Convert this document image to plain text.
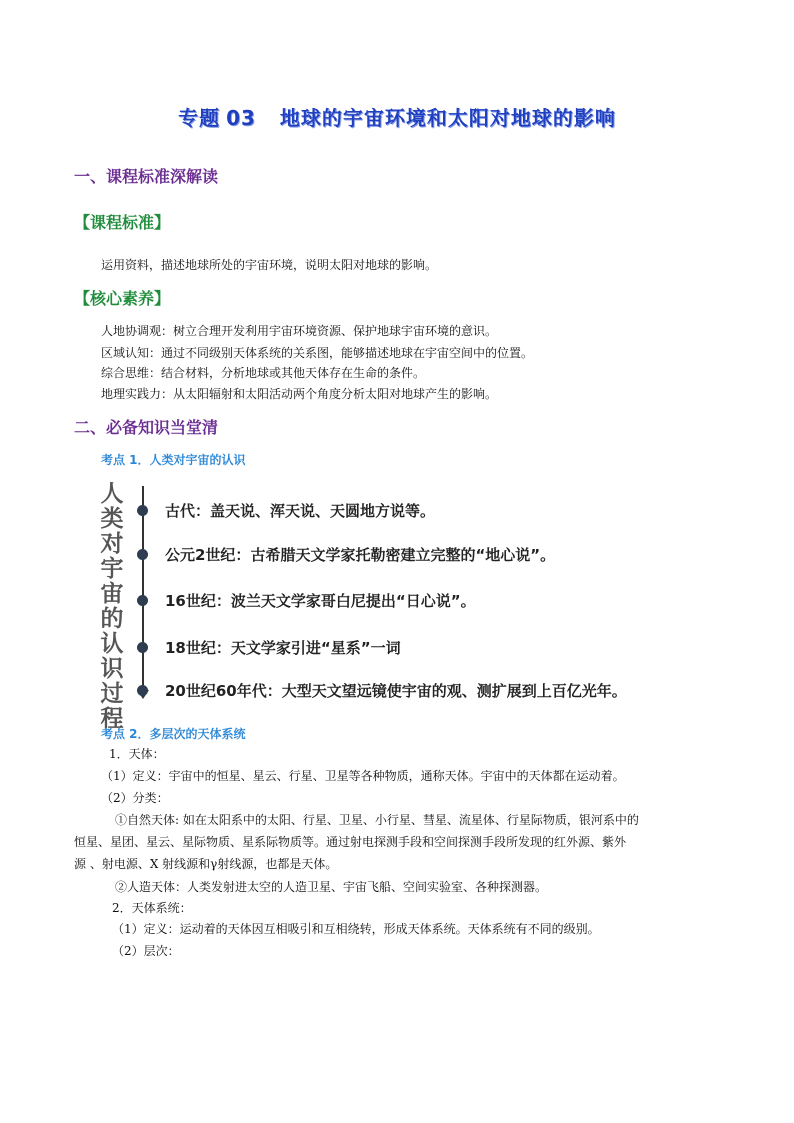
专题 03 地球的宇宙环境和太阳对地球的影响
一、课程标准深解读
【课程标准】
运用资料，描述地球所处的宇宙环境，说明太阳对地球的影响。
【核心素养】
人地协调观：树立合理开发利用宇宙环境资源、保护地球宇宙环境的意识。
区域认知：通过不同级别天体系统的关系图，能够描述地球在宇宙空间中的位置。
综合思维：结合材料，分析地球或其他天体存在生命的条件。
地理实践力：从太阳辐射和太阳活动两个角度分析太阳对地球产生的影响。
二、必备知识当堂清
考点 1．人类对宇宙的认识
人
类
对
宇
宙
的
认
识
过
程
古代：盖天说、浑天说、天圆地方说等。
公元2世纪：古希腊天文学家托勒密建立完整的“地心说”。
16世纪：波兰天文学家哥白尼提出“日心说”。
18世纪：天文学家引进“星系”一词
20世纪60年代：大型天文望远镜使宇宙的观、测扩展到上百亿光年。
考点 2．多层次的天体系统
1．天体：
（1）定义：宇宙中的恒星、星云、行星、卫星等各种物质，通称天体。宇宙中的天体都在运动着。
（2）分类：
①自然天体: 如在太阳系中的太阳、行星、卫星、小行星、彗星、流星体、行星际物质，银河系中的
恒星、星团、星云、星际物质、星系际物质等。通过射电探测手段和空间探测手段所发现的红外源、紫外
源 、射电源、X 射线源和γ射线源，也都是天体。
②人造天体：人类发射进太空的人造卫星、宇宙飞船、空间实验室、各种探测器。
2．天体系统：
（1）定义：运动着的天体因互相吸引和互相绕转，形成天体系统。天体系统有不同的级别。
（2）层次：
